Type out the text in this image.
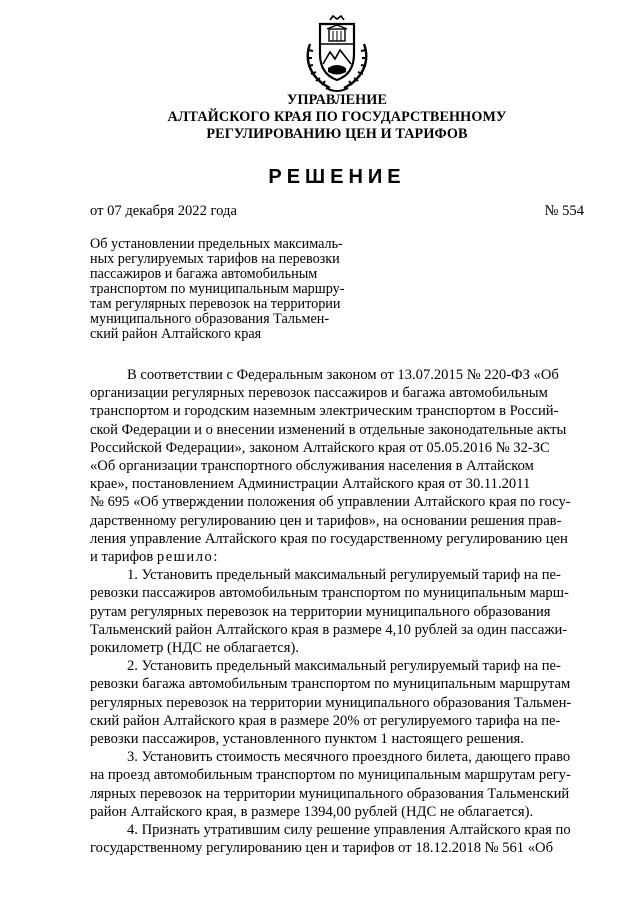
УПРАВЛЕНИЕ
АЛТАЙСКОГО КРАЯ ПО ГОСУДАРСТВЕННОМУ
РЕГУЛИРОВАНИЮ ЦЕН И ТАРИФОВ
РЕШЕНИЕ
от 07 декабря 2022 года	№ 554
Об установлении предельных максималь-
ных регулируемых тарифов на перевозки
пассажиров и багажа автомобильным
транспортом по муниципальным маршру-
там регулярных перевозок на территории
муниципального образования Тальмен-
ский район Алтайского края
В соответствии с Федеральным законом от 13.07.2015 № 220-ФЗ «Об
организации регулярных перевозок пассажиров и багажа автомобильным
транспортом и городским наземным электрическим транспортом в Россий-
ской Федерации и о внесении изменений в отдельные законодательные акты
Российской Федерации», законом Алтайского края от 05.05.2016 № 32-ЗС
«Об организации транспортного обслуживания населения в Алтайском
крае», постановлением Администрации Алтайского края от 30.11.2011
№ 695 «Об утверждении положения об управлении Алтайского края по госу-
дарственному регулированию цен и тарифов», на основании решения прав-
ления управление Алтайского края по государственному регулированию цен
и тарифов решило:
1. Установить предельный максимальный регулируемый тариф на пе-
ревозки пассажиров автомобильным транспортом по муниципальным марш-
рутам регулярных перевозок на территории муниципального образования
Тальменский район Алтайского края в размере 4,10 рублей за один пассажи-
рокилометр (НДС не облагается).
2. Установить предельный максимальный регулируемый тариф на пе-
ревозки багажа автомобильным транспортом по муниципальным маршрутам
регулярных перевозок на территории муниципального образования Тальмен-
ский район Алтайского края в размере 20% от регулируемого тарифа на пе-
ревозки пассажиров, установленного пунктом 1 настоящего решения.
3. Установить стоимость месячного проездного билета, дающего право
на проезд автомобильным транспортом по муниципальным маршрутам регу-
лярных перевозок на территории муниципального образования Тальменский
район Алтайского края, в размере 1394,00 рублей (НДС не облагается).
4. Признать утратившим силу решение управления Алтайского края по
государственному регулированию цен и тарифов от 18.12.2018 № 561 «Об
